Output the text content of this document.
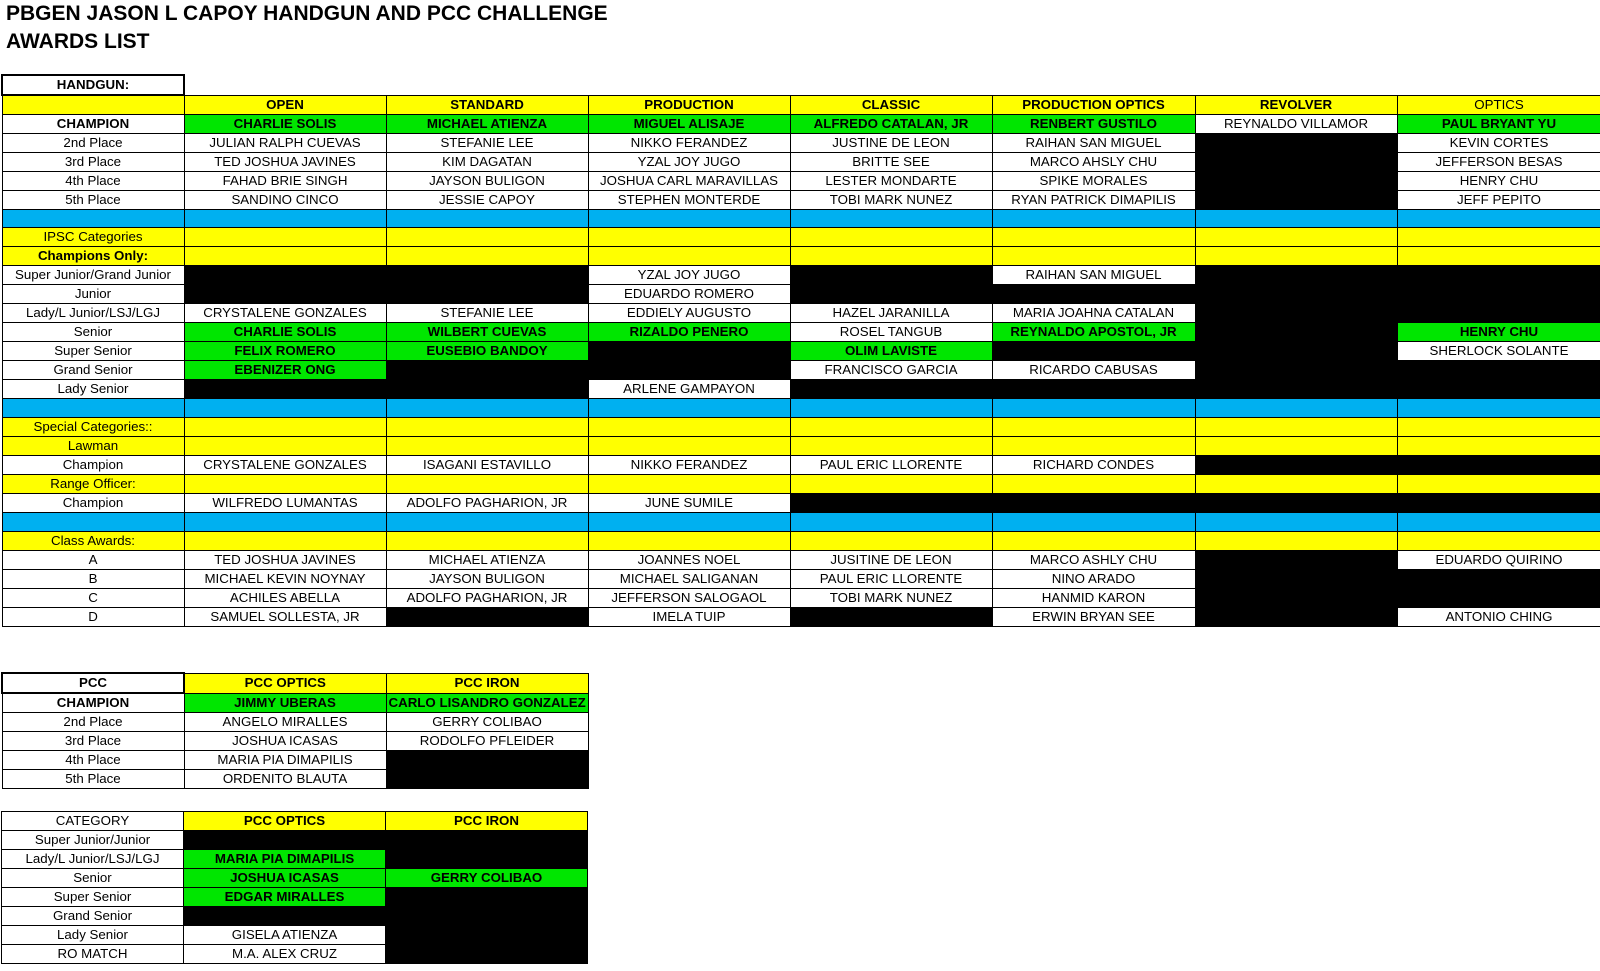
PBGEN JASON L CAPOY HANDGUN AND PCC CHALLENGE
AWARDS LIST
HANDGUN:							
	OPEN	STANDARD	PRODUCTION	CLASSIC	PRODUCTION OPTICS	REVOLVER	OPTICS
CHAMPION	CHARLIE SOLIS	MICHAEL ATIENZA	MIGUEL ALISAJE	ALFREDO CATALAN, JR	RENBERT GUSTILO	REYNALDO VILLAMOR	PAUL BRYANT YU
2nd Place	JULIAN RALPH CUEVAS	STEFANIE LEE	NIKKO FERANDEZ	JUSTINE DE LEON	RAIHAN SAN MIGUEL		KEVIN CORTES
3rd Place	TED JOSHUA JAVINES	KIM DAGATAN	YZAL JOY JUGO	BRITTE SEE	MARCO AHSLY CHU		JEFFERSON BESAS
4th Place	FAHAD BRIE SINGH	JAYSON BULIGON	JOSHUA CARL MARAVILLAS	LESTER MONDARTE	SPIKE MORALES		HENRY CHU
5th Place	SANDINO CINCO	JESSIE CAPOY	STEPHEN MONTERDE	TOBI MARK NUNEZ	RYAN PATRICK DIMAPILIS		JEFF PEPITO

IPSC Categories							
Champions Only:							
Super Junior/Grand Junior			YZAL JOY JUGO		RAIHAN SAN MIGUEL		
Junior			EDUARDO ROMERO				
Lady/L Junior/LSJ/LGJ	CRYSTALENE GONZALES	STEFANIE LEE	EDDIELY AUGUSTO	HAZEL JARANILLA	MARIA JOAHNA CATALAN		
Senior	CHARLIE SOLIS	WILBERT CUEVAS	RIZALDO PENERO	ROSEL TANGUB	REYNALDO APOSTOL, JR		HENRY CHU
Super Senior	FELIX ROMERO	EUSEBIO BANDOY		OLIM LAVISTE			SHERLOCK SOLANTE
Grand Senior	EBENIZER ONG			FRANCISCO GARCIA	RICARDO CABUSAS		
Lady Senior			ARLENE GAMPAYON				

Special Categories::							
Lawman							
Champion	CRYSTALENE GONZALES	ISAGANI ESTAVILLO	NIKKO FERANDEZ	PAUL ERIC LLORENTE	RICHARD CONDES		
Range Officer:							
Champion	WILFREDO LUMANTAS	ADOLFO PAGHARION, JR	JUNE SUMILE				

Class Awards:							
A	TED JOSHUA JAVINES	MICHAEL ATIENZA	JOANNES NOEL	JUSITINE DE LEON	MARCO ASHLY CHU		EDUARDO QUIRINO
B	MICHAEL KEVIN NOYNAY	JAYSON BULIGON	MICHAEL SALIGANAN	PAUL ERIC LLORENTE	NINO ARADO		
C	ACHILES ABELLA	ADOLFO PAGHARION, JR	JEFFERSON SALOGAOL	TOBI MARK NUNEZ	HANMID KARON		
D	SAMUEL SOLLESTA, JR		IMELA TUIP		ERWIN BRYAN SEE		ANTONIO CHING
PCC	PCC OPTICS	PCC IRON
CHAMPION	JIMMY UBERAS	CARLO LISANDRO GONZALEZ
2nd Place	ANGELO MIRALLES	GERRY COLIBAO
3rd Place	JOSHUA ICASAS	RODOLFO PFLEIDER
4th Place	MARIA PIA DIMAPILIS	
5th Place	ORDENITO BLAUTA	
CATEGORY	PCC OPTICS	PCC IRON
Super Junior/Junior		
Lady/L Junior/LSJ/LGJ	MARIA PIA DIMAPILIS	
Senior	JOSHUA ICASAS	GERRY COLIBAO
Super Senior	EDGAR MIRALLES	
Grand Senior		
Lady Senior	GISELA ATIENZA	
RO MATCH	M.A. ALEX CRUZ	
